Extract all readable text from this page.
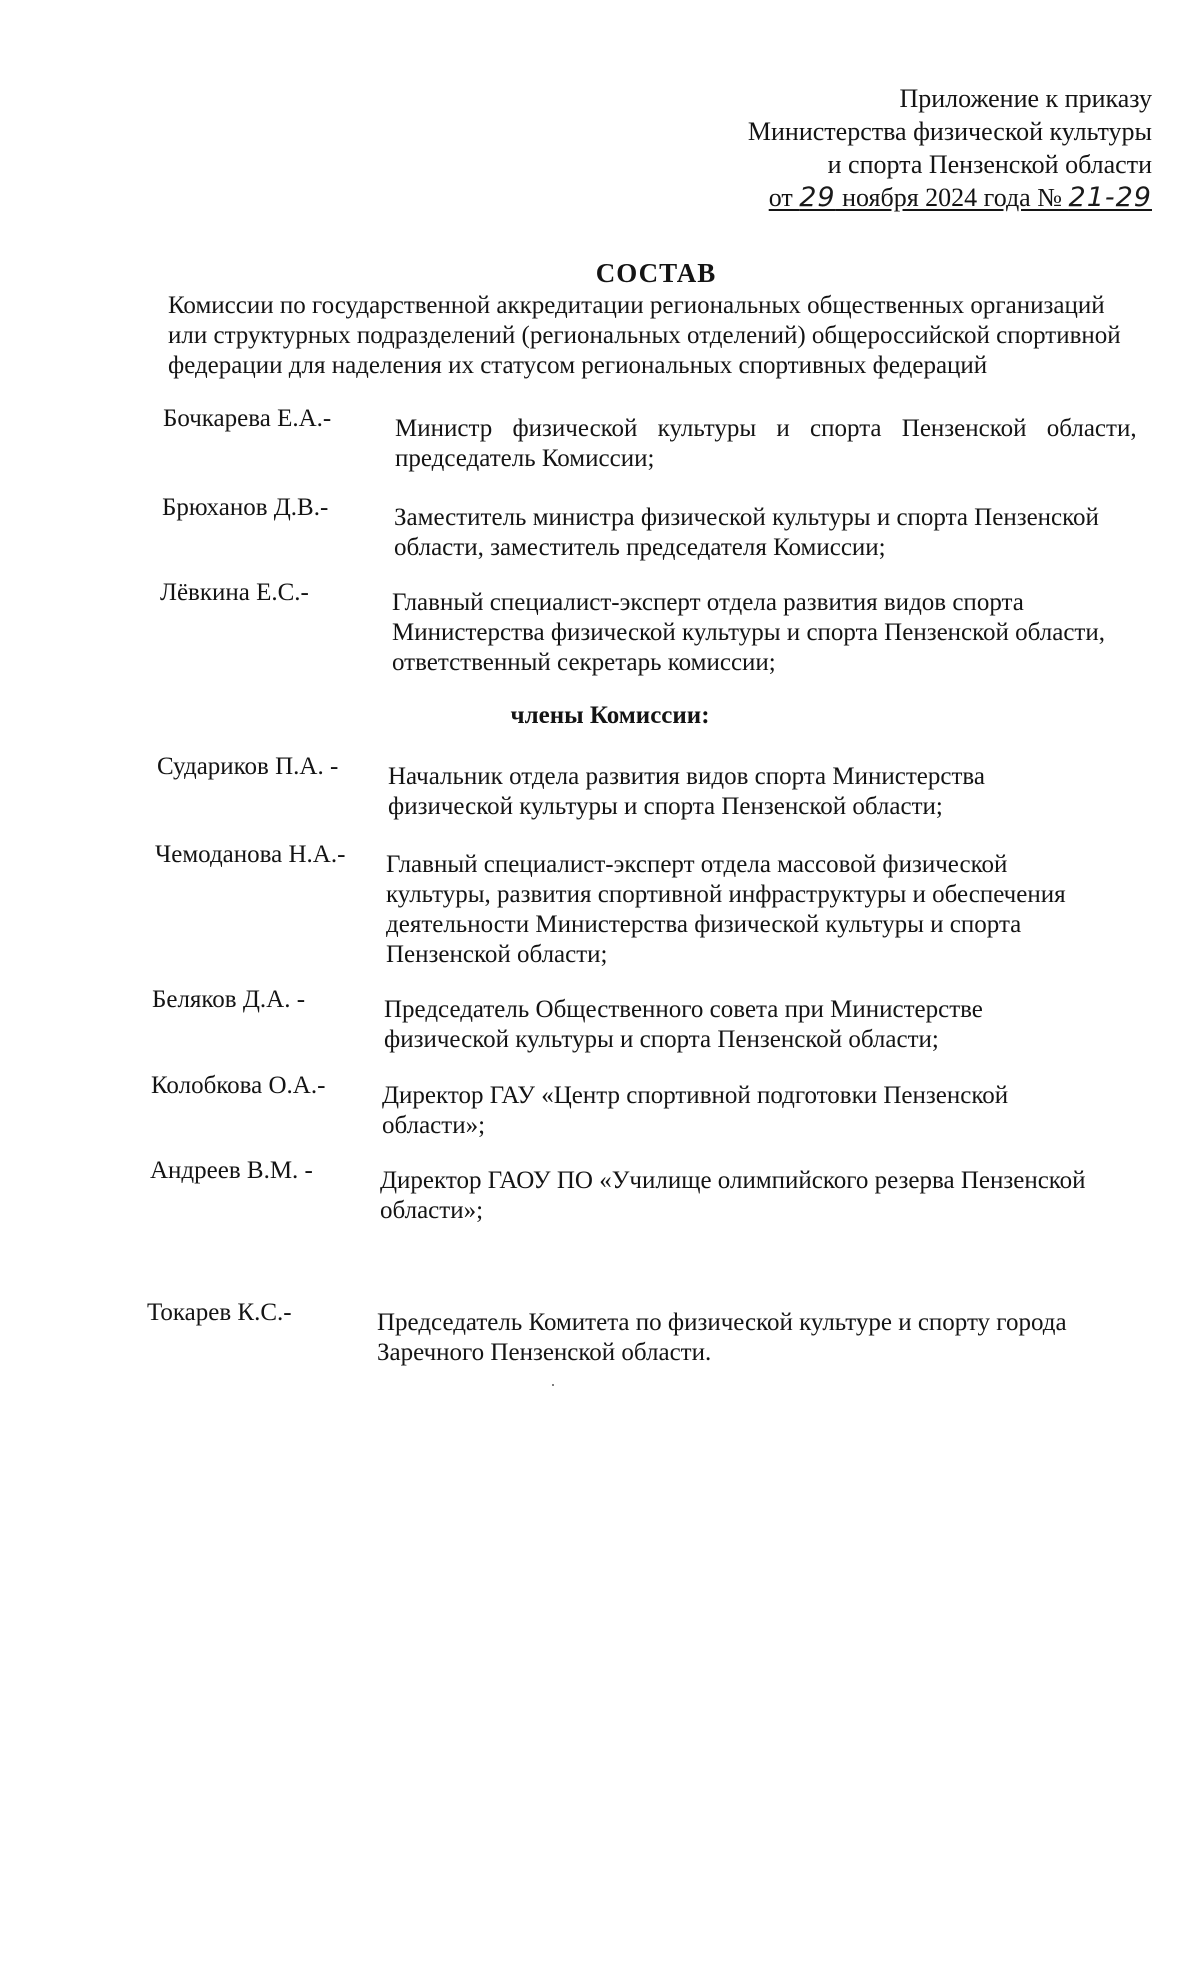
Приложение к приказу
Министерства физической культуры
и спорта Пензенской области
от 29 ноября 2024 года № 21-29
СОСТАВ
Комиссии по государственной аккредитации региональных общественных организаций
или структурных подразделений (региональных отделений) общероссийской спортивной
федерации для наделения их статусом региональных спортивных федераций
Бочкарева Е.А.-	Министр физической культуры и спорта Пензенской области,
председатель Комиссии;
Брюханов Д.В.-	Заместитель министра физической культуры и спорта Пензенской
области, заместитель председателя Комиссии;
Лёвкина Е.С.-	Главный специалист-эксперт отдела развития видов спорта
Министерства физической культуры и спорта Пензенской области,
ответственный секретарь комиссии;
члены Комиссии:
Судариков П.А. - Начальник отдела развития видов спорта Министерства
физической культуры и спорта Пензенской области;
Чемоданова Н.А.- Главный специалист-эксперт отдела массовой физической
культуры, развития спортивной инфраструктуры и обеспечения
деятельности Министерства физической культуры и спорта
Пензенской области;
Беляков Д.А. -	Председатель Общественного совета при Министерстве
физической культуры и спорта Пензенской области;
Колобкова О.А.- Директор ГАУ «Центр спортивной подготовки Пензенской
области»;
Андреев В.М. -	Директор ГАОУ ПО «Училище олимпийского резерва Пензенской
области»;
Токарев К.С.-	Председатель Комитета по физической культуре и спорту города
Заречного Пензенской области.
